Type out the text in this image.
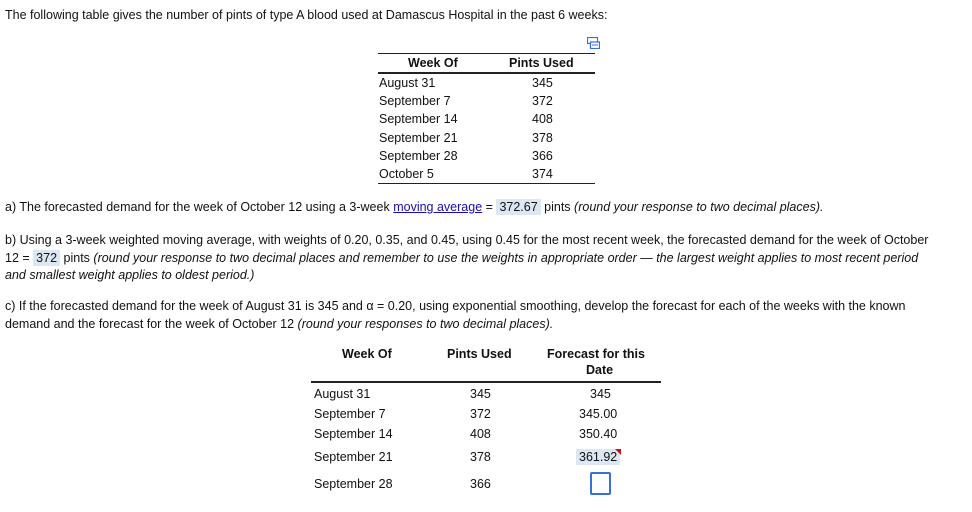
The following table gives the number of pints of type A blood used at Damascus Hospital in the past 6 weeks:
Week Of	Pints Used
August 31	345
September 7	372
September 14	408
September 21	378
September 28	366
October 5	374
a) The forecasted demand for the week of October 12 using a 3-week moving average = 372.67 pints (round your response to two decimal places).
b) Using a 3-week weighted moving average, with weights of 0.20, 0.35, and 0.45, using 0.45 for the most recent week, the forecasted demand for the week of October
12 = 372 pints (round your response to two decimal places and remember to use the weights in appropriate order — the largest weight applies to most recent period
and smallest weight applies to oldest period.)
c) If the forecasted demand for the week of August 31 is 345 and α = 0.20, using exponential smoothing, develop the forecast for each of the weeks with the known
demand and the forecast for the week of October 12 (round your responses to two decimal places).
Week Of	Pints Used	Forecast for this
Date
August 31	345	345
September 7	372	345.00
September 14	408	350.40
September 21	378	361.92
September 28	366
